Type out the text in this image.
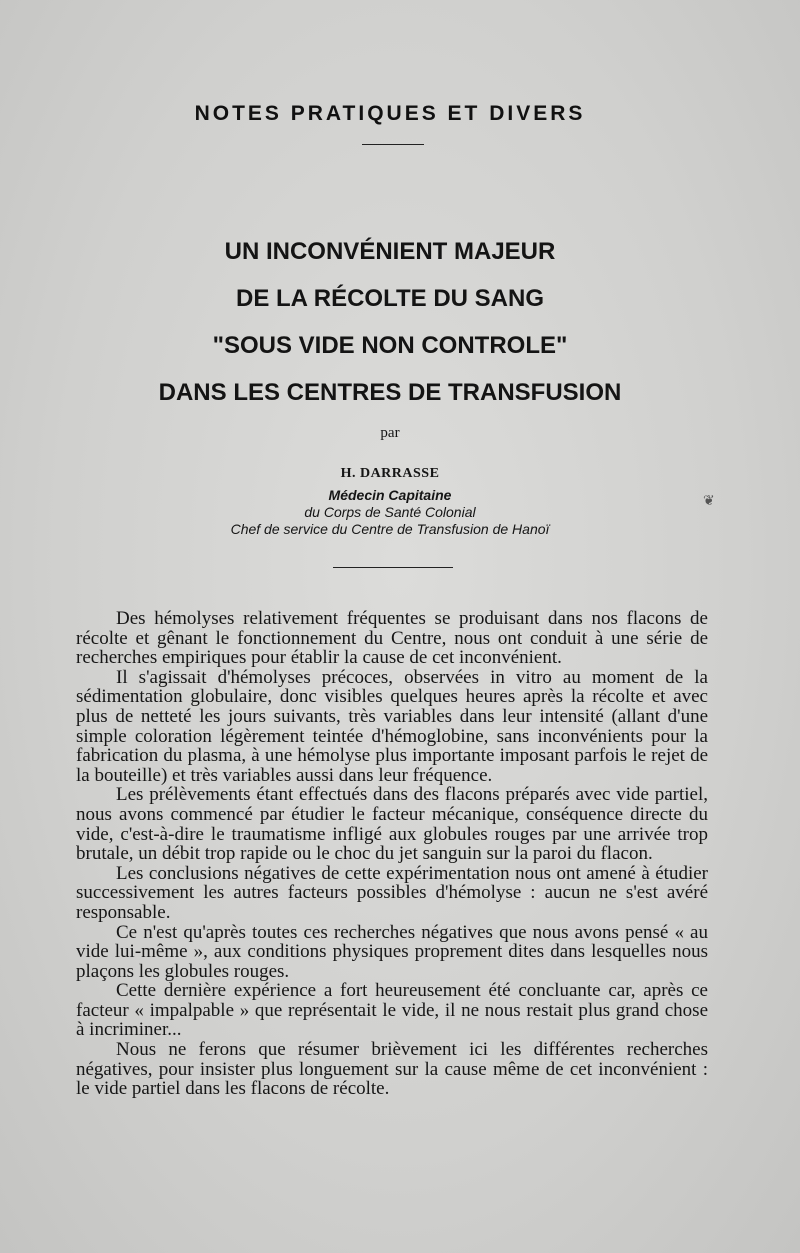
NOTES PRATIQUES ET DIVERS
UN INCONVÉNIENT MAJEUR
DE LA RÉCOLTE DU SANG
"SOUS VIDE NON CONTROLE"
DANS LES CENTRES DE TRANSFUSION
par
H. DARRASSE
Médecin Capitaine
du Corps de Santé Colonial
Chef de service du Centre de Transfusion de Hanoï

Des hémolyses relativement fréquentes se produisant dans nos flacons de récolte et gênant le fonctionnement du Centre, nous ont conduit à une série de recherches empiriques pour établir la cause de cet inconvénient.

Il s'agissait d'hémolyses précoces, observées in vitro au moment de la sédimentation globulaire, donc visibles quelques heures après la récolte et avec plus de netteté les jours suivants, très variables dans leur intensité (allant d'une simple coloration légèrement teintée d'hémoglobine, sans inconvénients pour la fabrication du plasma, à une hémolyse plus importante imposant parfois le rejet de la bouteille) et très variables aussi dans leur fréquence.

Les prélèvements étant effectués dans des flacons préparés avec vide partiel, nous avons commencé par étudier le facteur mécanique, conséquence directe du vide, c'est-à-dire le traumatisme infligé aux globules rouges par une arrivée trop brutale, un débit trop rapide ou le choc du jet sanguin sur la paroi du flacon.

Les conclusions négatives de cette expérimentation nous ont amené à étudier successivement les autres facteurs possibles d'hémolyse : aucun ne s'est avéré responsable.

Ce n'est qu'après toutes ces recherches négatives que nous avons pensé « au vide lui-même », aux conditions physiques proprement dites dans lesquelles nous plaçons les globules rouges.

Cette dernière expérience a fort heureusement été concluante car, après ce facteur « impalpable » que représentait le vide, il ne nous restait plus grand chose à incriminer...

Nous ne ferons que résumer brièvement ici les différentes recherches négatives, pour insister plus longuement sur la cause même de cet inconvénient : le vide partiel dans les flacons de récolte.

❦
